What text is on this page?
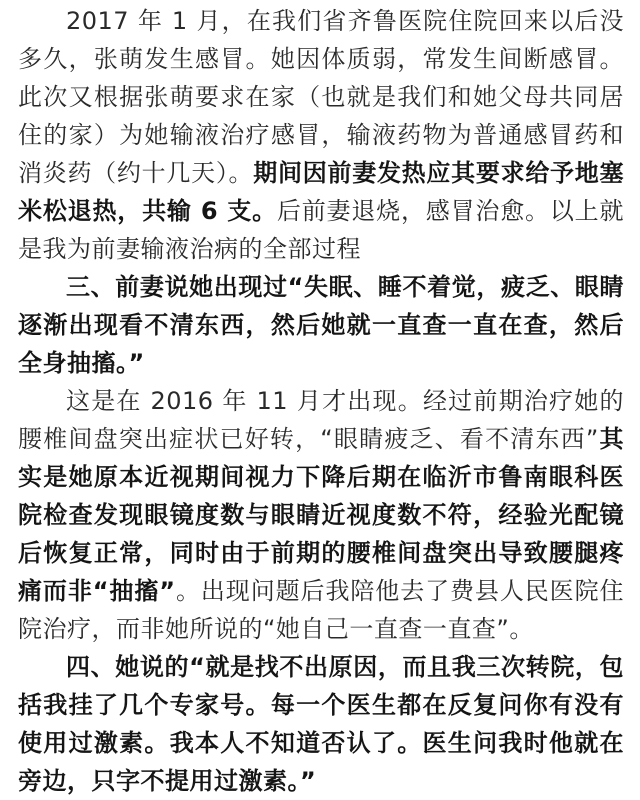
2017 年 1 月，在我们省齐鲁医院住院回来以后没多久，张萌发生感冒。她因体质弱，常发生间断感冒。此次又根据张萌要求在家（也就是我们和她父母共同居住的家）为她输液治疗感冒，输液药物为普通感冒药和消炎药（约十几天）。期间因前妻发热应其要求给予地塞米松退热，共输 6 支。后前妻退烧，感冒治愈。以上就是我为前妻输液治病的全部过程

三、前妻说她出现过“失眠、睡不着觉，疲乏、眼睛逐渐出现看不清东西，然后她就一直查一直在查，然后全身抽搐。”

这是在 2016 年 11 月才出现。经过前期治疗她的腰椎间盘突出症状已好转，“眼睛疲乏、看不清东西”其实是她原本近视期间视力下降后期在临沂市鲁南眼科医院检查发现眼镜度数与眼睛近视度数不符，经验光配镜后恢复正常，同时由于前期的腰椎间盘突出导致腰腿疼痛而非“抽搐”。出现问题后我陪他去了费县人民医院住院治疗，而非她所说的“她自己一直查一直查”。

四、她说的“就是找不出原因，而且我三次转院，包括我挂了几个专家号。每一个医生都在反复问你有没有使用过激素。我本人不知道否认了。医生问我时他就在旁边，只字不提用过激素。”
